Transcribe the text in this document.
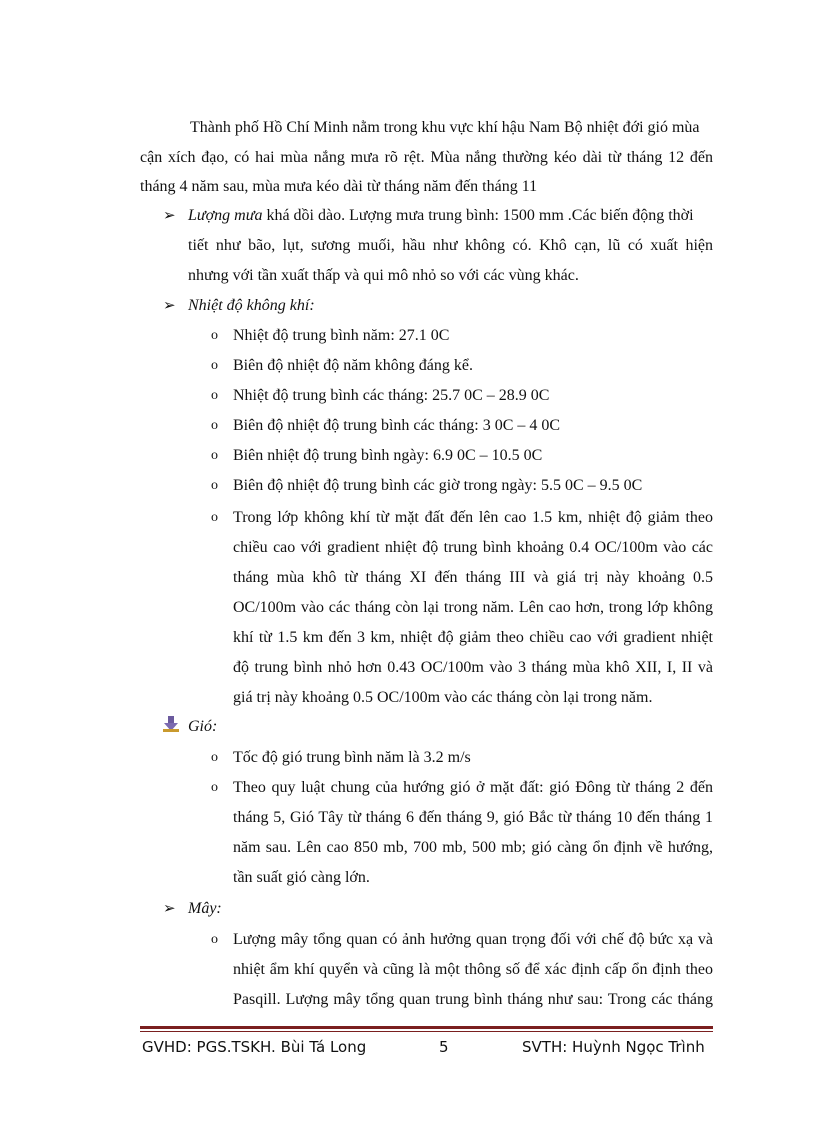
Thành phố Hồ Chí Minh nằm trong khu vực khí hậu Nam Bộ nhiệt đới gió mùa
cận xích đạo, có hai mùa nắng mưa rõ rệt. Mùa nắng thường kéo dài từ tháng 12 đến
tháng 4 năm sau, mùa mưa kéo dài từ tháng năm đến tháng 11
➢ Lượng mưa khá dồi dào. Lượng mưa trung bình: 1500 mm .Các biến động thời
tiết như bão, lụt, sương muối, hầu như không có. Khô cạn, lũ có xuất hiện
nhưng với tần xuất thấp và qui mô nhỏ so với các vùng khác.
➢ Nhiệt độ không khí:
o Nhiệt độ trung bình năm: 27.1 0C
o Biên độ nhiệt độ năm không đáng kể.
o Nhiệt độ trung bình các tháng: 25.7 0C – 28.9 0C
o Biên độ nhiệt độ trung bình các tháng: 3 0C – 4 0C
o Biên nhiệt độ trung bình ngày: 6.9 0C – 10.5 0C
o Biên độ nhiệt độ trung bình các giờ trong ngày: 5.5 0C – 9.5 0C
o Trong lớp không khí từ mặt đất đến lên cao 1.5 km, nhiệt độ giảm theo
chiều cao với gradient nhiệt độ trung bình khoảng 0.4 OC/100m vào các
tháng mùa khô từ tháng XI đến tháng III và giá trị này khoảng 0.5
OC/100m vào các tháng còn lại trong năm. Lên cao hơn, trong lớp không
khí từ 1.5 km đến 3 km, nhiệt độ giảm theo chiều cao với gradient nhiệt
độ trung bình nhỏ hơn 0.43 OC/100m vào 3 tháng mùa khô XII, I, II và
giá trị này khoảng 0.5 OC/100m vào các tháng còn lại trong năm.
Gió:
o Tốc độ gió trung bình năm là 3.2 m/s
o Theo quy luật chung của hướng gió ở mặt đất: gió Đông từ tháng 2 đến
tháng 5, Gió Tây từ tháng 6 đến tháng 9, gió Bắc từ tháng 10 đến tháng 1
năm sau. Lên cao 850 mb, 700 mb, 500 mb; gió càng ổn định về hướng,
tần suất gió càng lớn.
➢ Mây:
o Lượng mây tổng quan có ảnh hưởng quan trọng đối với chế độ bức xạ và
nhiệt ẩm khí quyển và cũng là một thông số để xác định cấp ổn định theo
Pasqill. Lượng mây tổng quan trung bình tháng như sau: Trong các tháng
GVHD: PGS.TSKH. Bùi Tá Long	5	SVTH: Huỳnh Ngọc Trình
